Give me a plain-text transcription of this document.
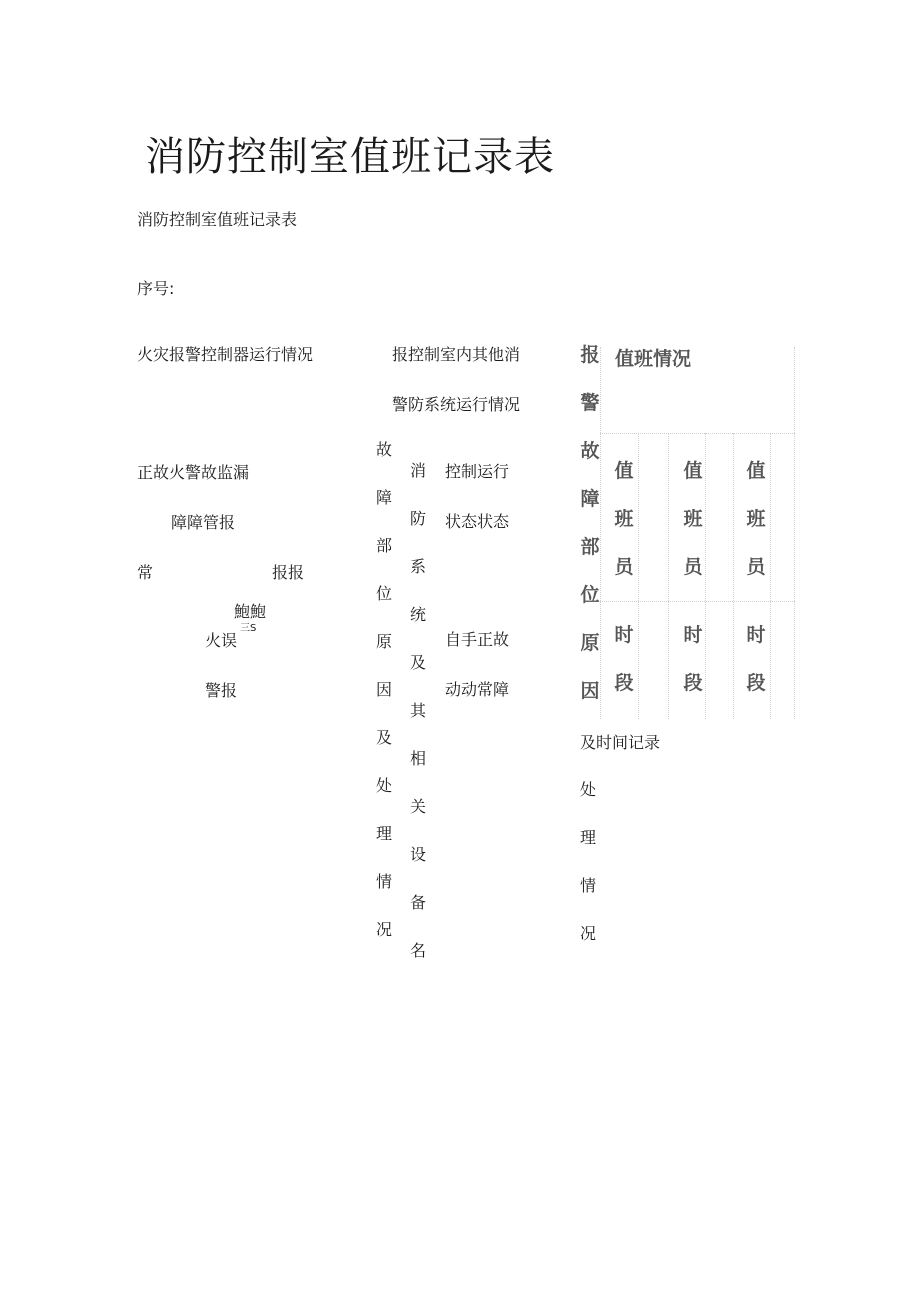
消防控制室值班记录表
消防控制室值班记录表
序号:
火灾报警控制器运行情况
正故火警故监漏
障障管报
常	报报
鮑鮑
三S
火误
警报
报控制室内其他消
警防系统运行情况
故
障
部
位
原
因
及
处
理
情
况
消
防
系
统
及
其
相
关
设
备
名
控制运行
状态状态
自手正故
动动常障
报
警
故
障
部
位
原
因
值班情况
值
班
员
时
段
值
班
员
时
段
值
班
员
时
段
及时间记录
处
理
情
况
